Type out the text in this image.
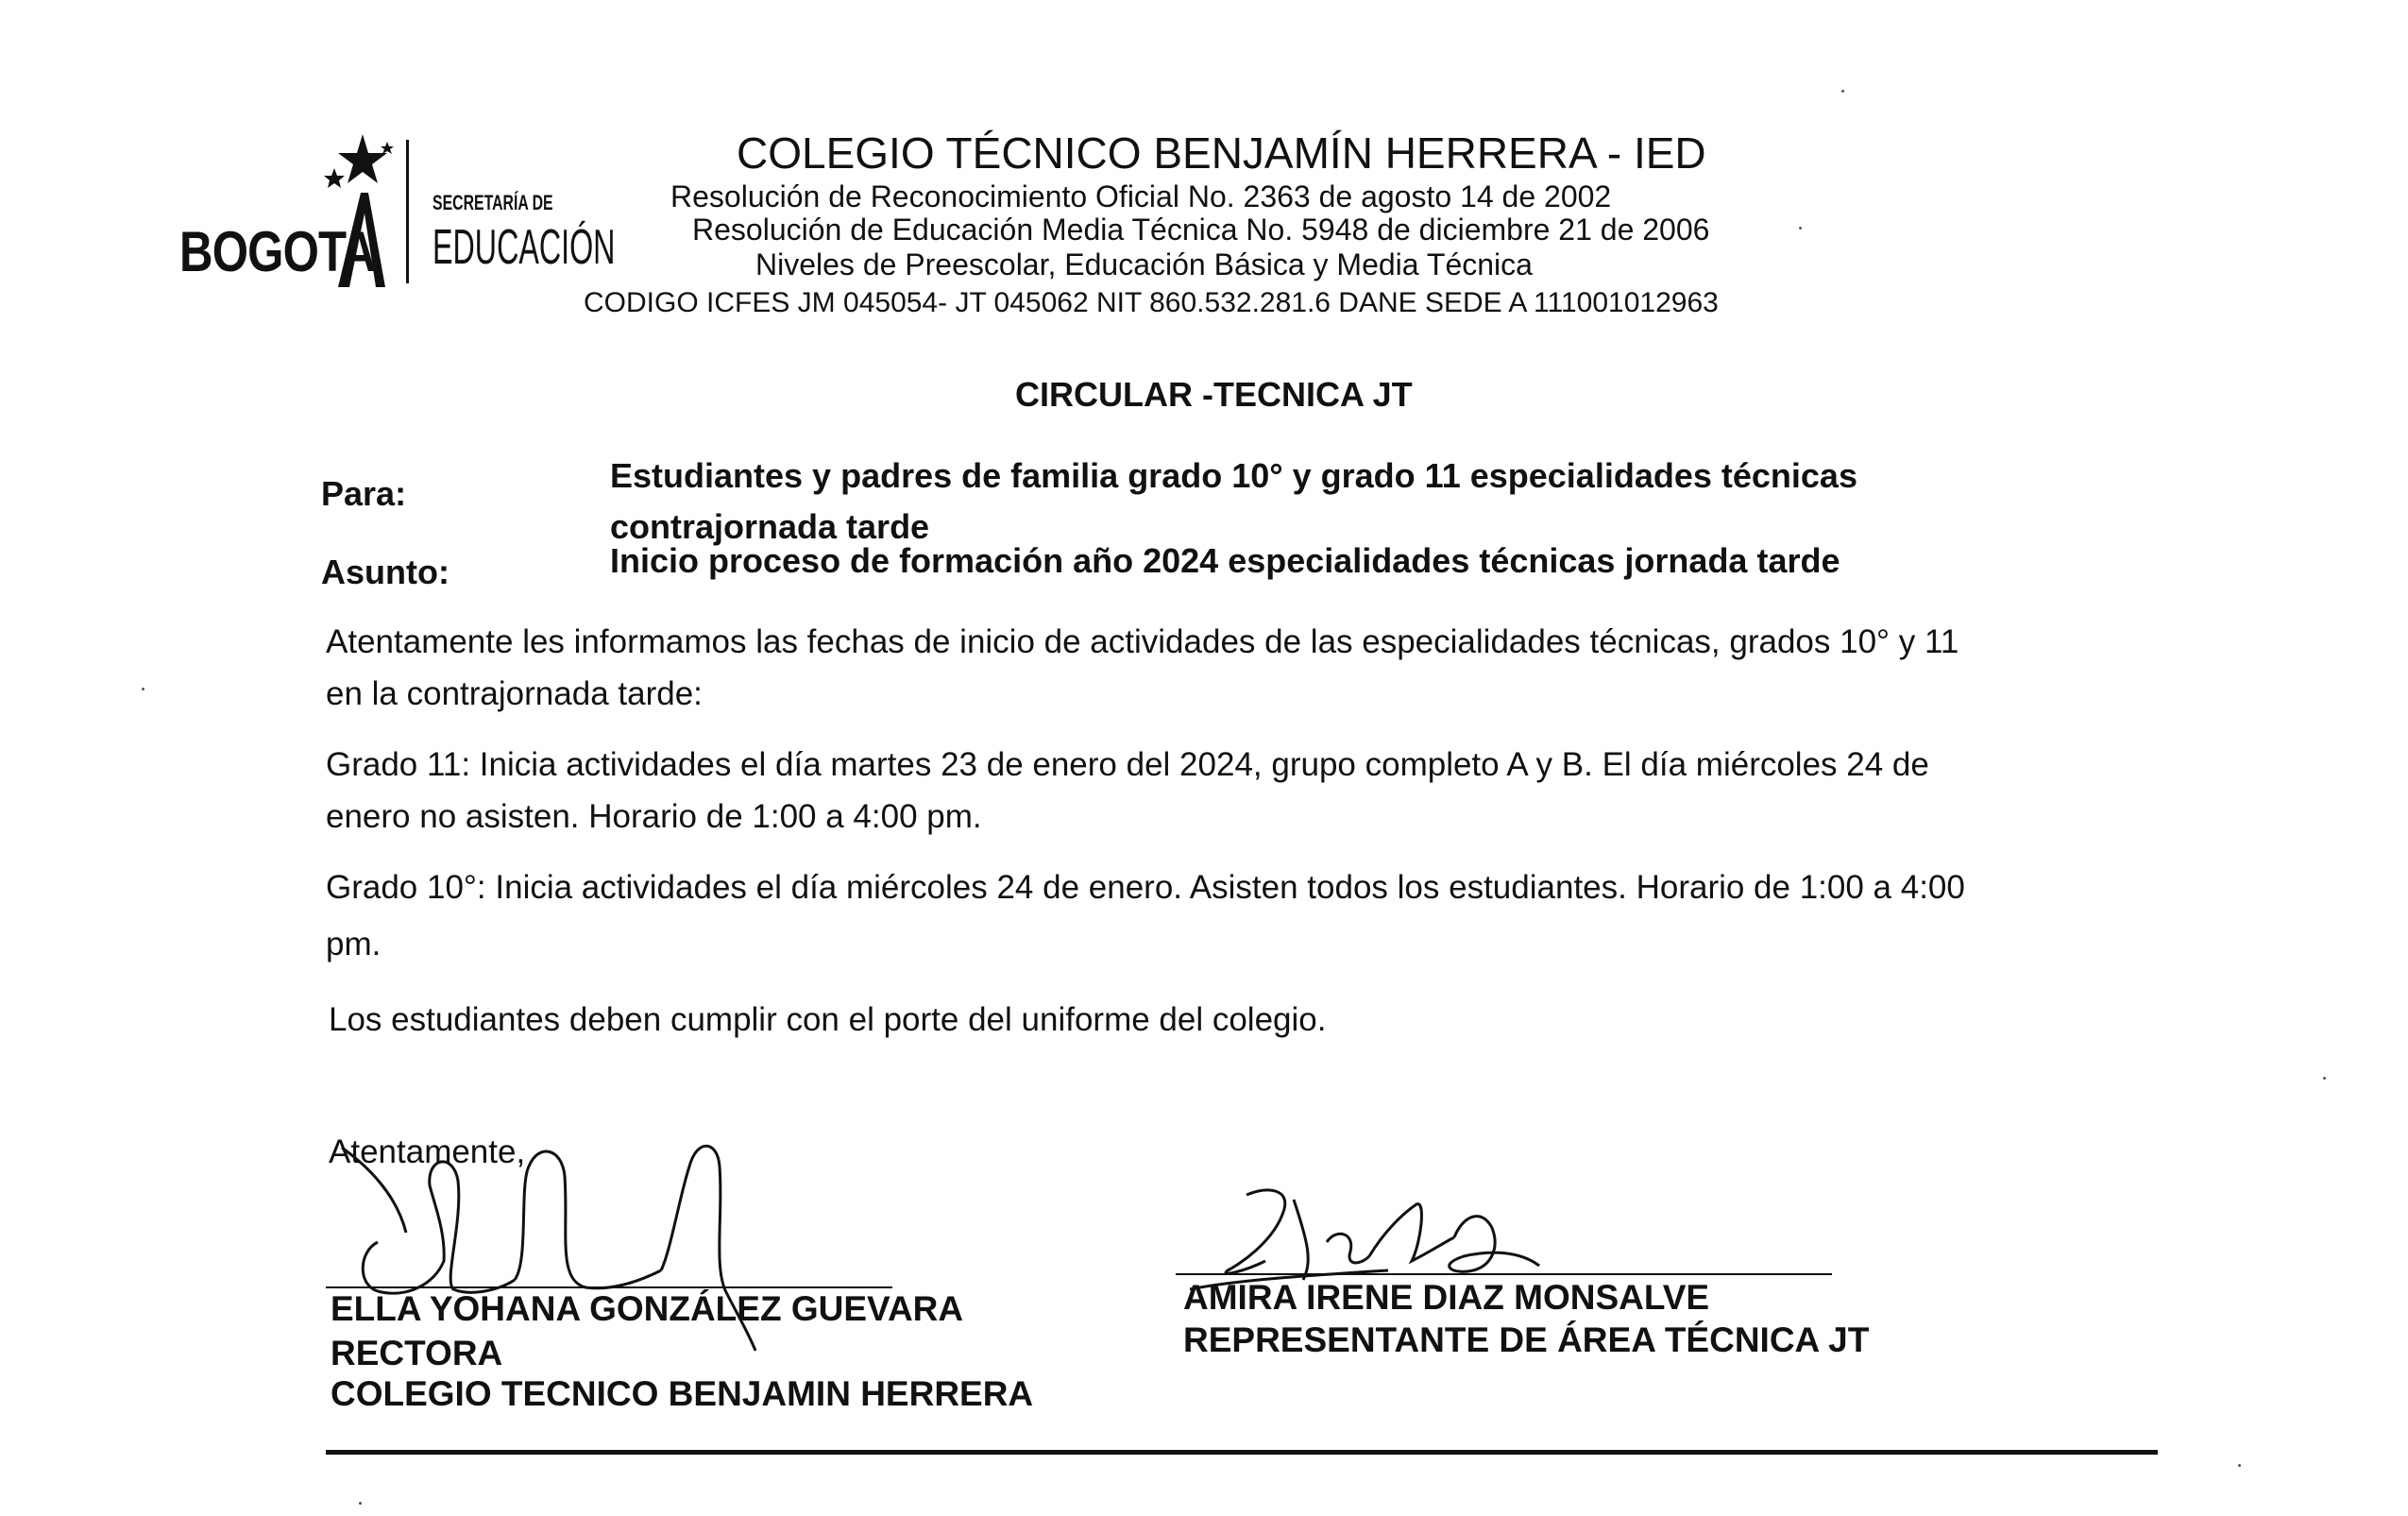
BOGOTA
SECRETARÍA DE
EDUCACIÓN
COLEGIO TÉCNICO BENJAMÍN HERRERA - IED
Resolución de Reconocimiento Oficial No. 2363 de agosto 14 de 2002
Resolución de Educación Media Técnica No. 5948 de diciembre 21 de 2006
Niveles de Preescolar, Educación Básica y Media Técnica
CODIGO ICFES JM 045054- JT 045062 NIT 860.532.281.6 DANE SEDE A 111001012963
CIRCULAR -TECNICA JT
Para:	Estudiantes y padres de familia grado 10° y grado 11 especialidades técnicas
contrajornada tarde
Asunto:	Inicio proceso de formación año 2024 especialidades técnicas jornada tarde
Atentamente les informamos las fechas de inicio de actividades de las especialidades técnicas, grados 10° y 11
en la contrajornada tarde:
Grado 11: Inicia actividades el día martes 23 de enero del 2024, grupo completo A y B. El día miércoles 24 de
enero no asisten. Horario de 1:00 a 4:00 pm.
Grado 10°: Inicia actividades el día miércoles 24 de enero. Asisten todos los estudiantes. Horario de 1:00 a 4:00
pm.
Los estudiantes deben cumplir con el porte del uniforme del colegio.
Atentamente,
ELLA YOHANA GONZÁLEZ GUEVARA
RECTORA
COLEGIO TECNICO BENJAMIN HERRERA
AMIRA IRENE DIAZ MONSALVE
REPRESENTANTE DE ÁREA TÉCNICA JT
